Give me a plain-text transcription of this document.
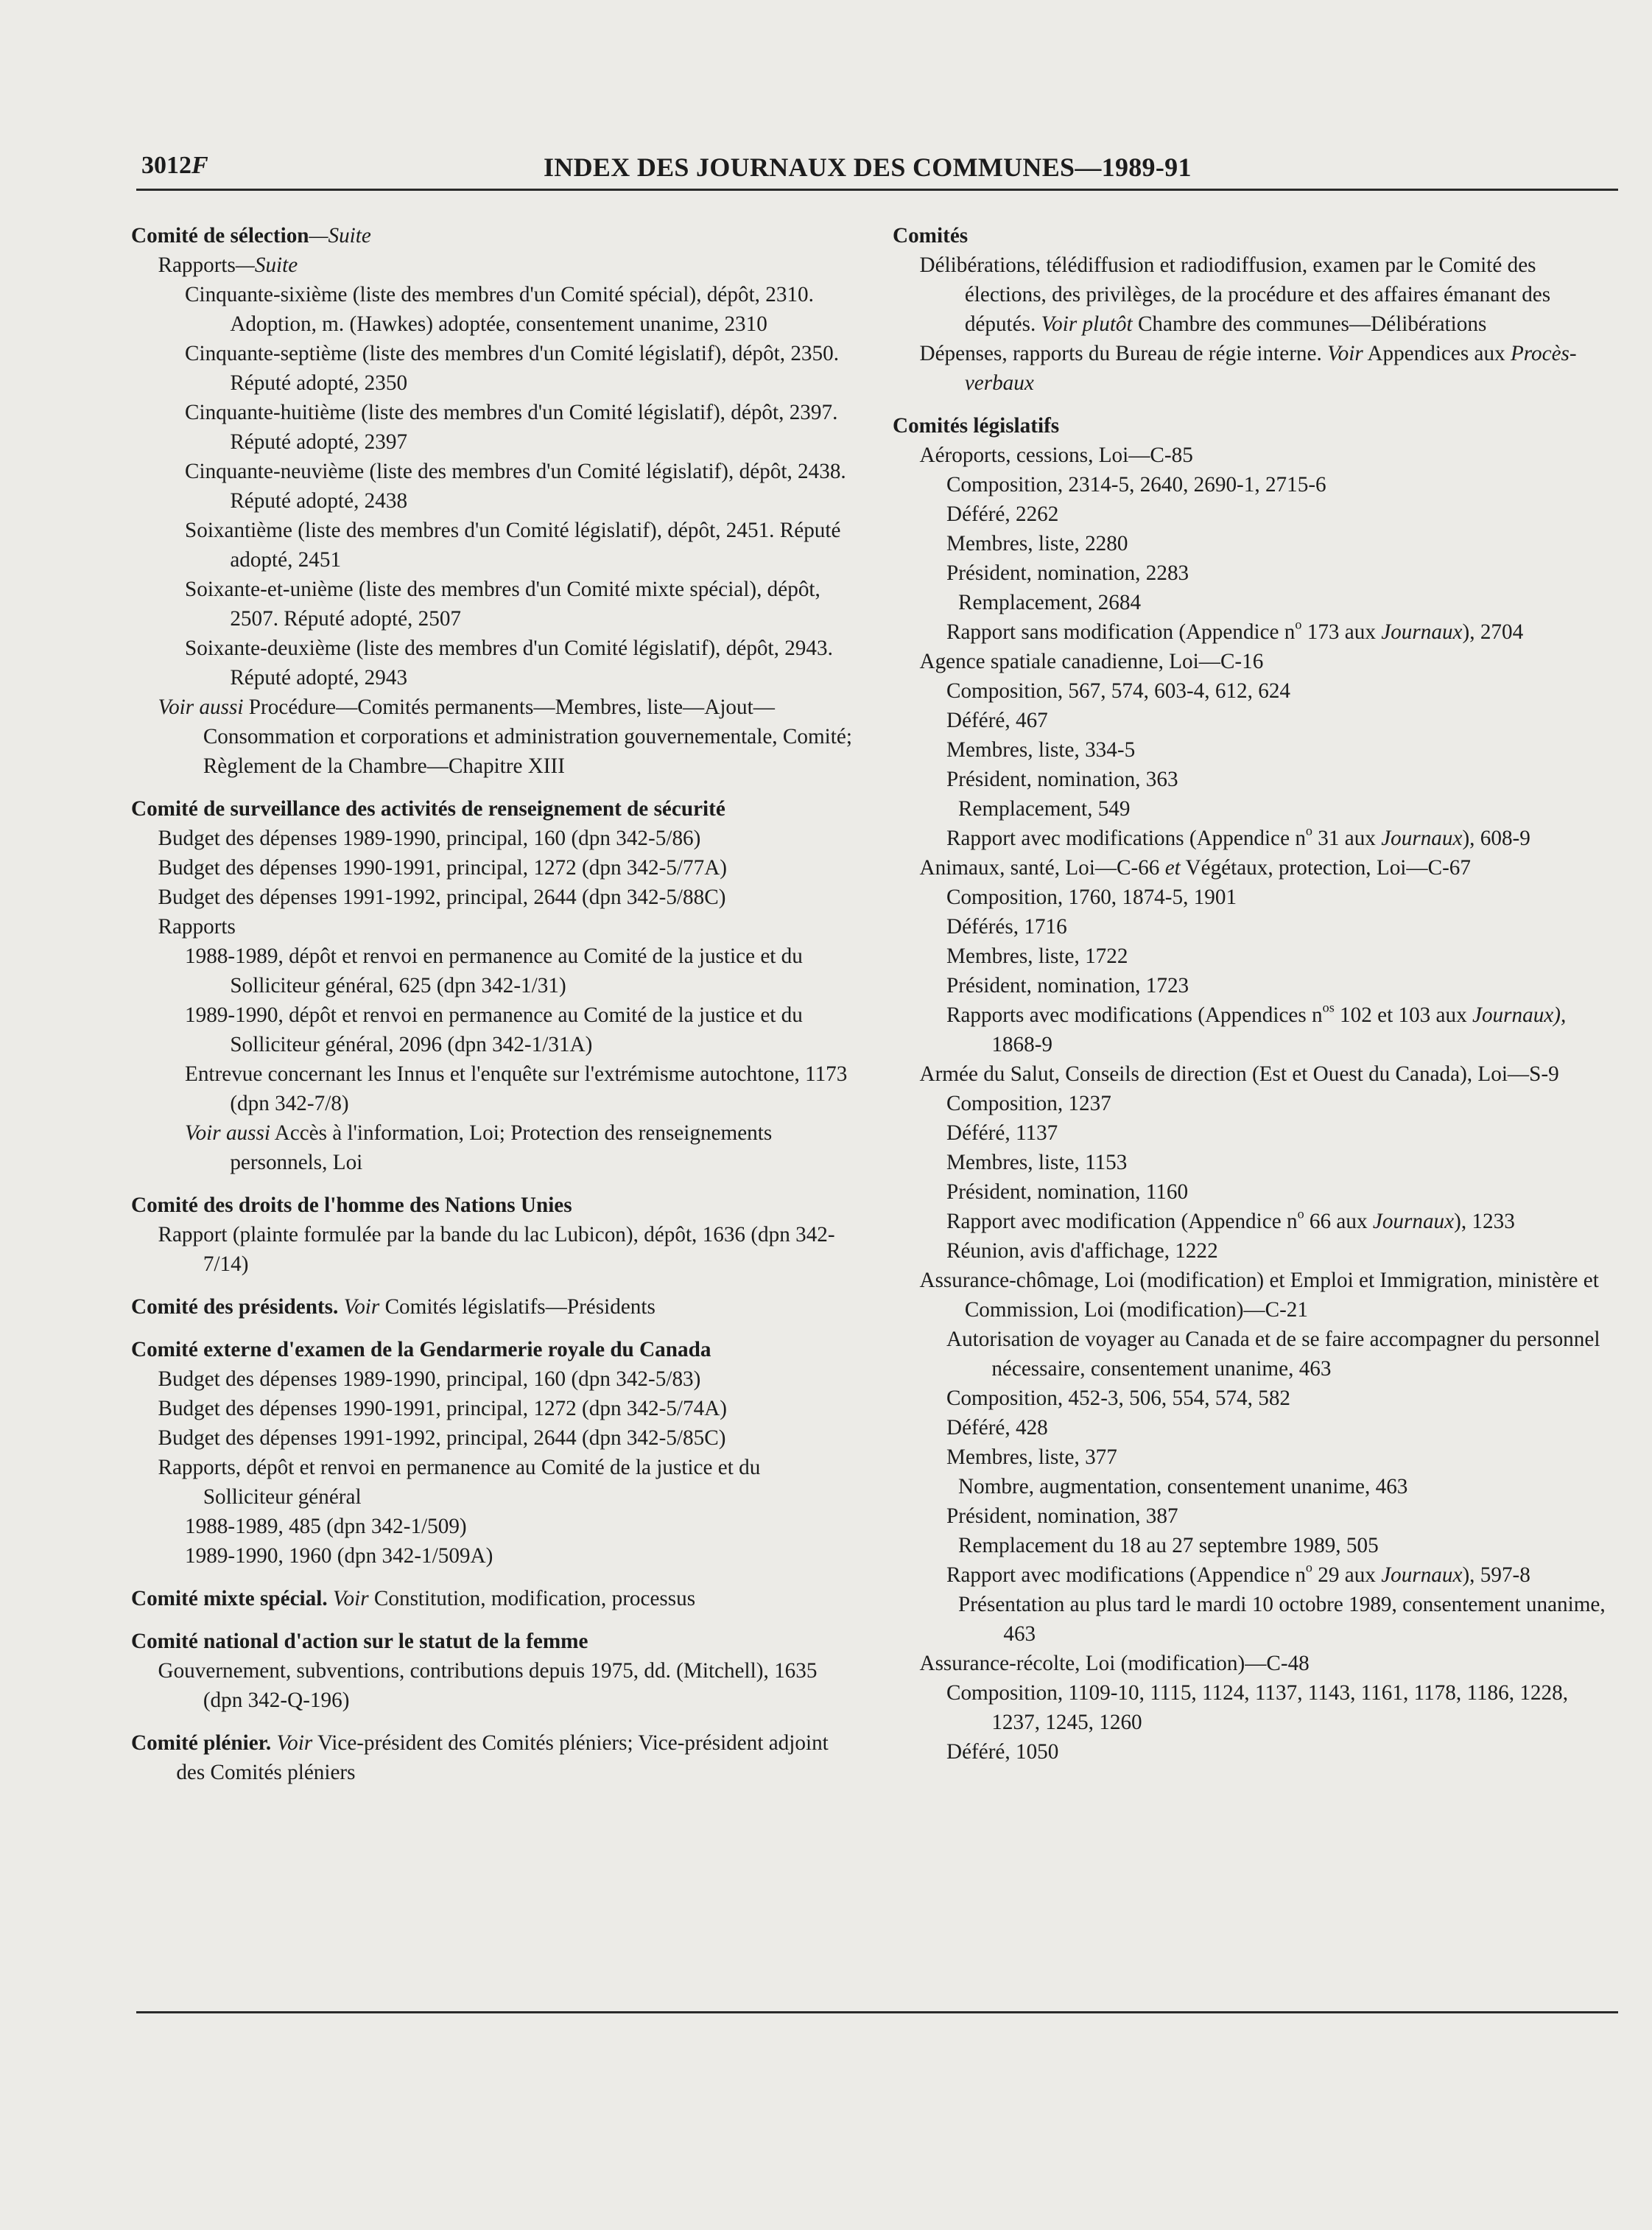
3012F	INDEX DES JOURNAUX DES COMMUNES—1989-91
Comité de sélection—Suite
Rapports—Suite
Cinquante-sixième (liste des membres d'un Comité spécial), dépôt, 2310. Adoption, m. (Hawkes) adoptée, consentement unanime, 2310
Cinquante-septième (liste des membres d'un Comité législatif), dépôt, 2350. Réputé adopté, 2350
Cinquante-huitième (liste des membres d'un Comité législatif), dépôt, 2397. Réputé adopté, 2397
Cinquante-neuvième (liste des membres d'un Comité législatif), dépôt, 2438. Réputé adopté, 2438
Soixantième (liste des membres d'un Comité législatif), dépôt, 2451. Réputé adopté, 2451
Soixante-et-unième (liste des membres d'un Comité mixte spécial), dépôt, 2507. Réputé adopté, 2507
Soixante-deuxième (liste des membres d'un Comité législatif), dépôt, 2943. Réputé adopté, 2943
Voir aussi Procédure—Comités permanents—Membres, liste—Ajout—Consommation et corporations et administration gouvernementale, Comité; Règlement de la Chambre—Chapitre XIII
Comité de surveillance des activités de renseignement de sécurité
Budget des dépenses 1989-1990, principal, 160 (dpn 342-5/86)
Budget des dépenses 1990-1991, principal, 1272 (dpn 342-5/77A)
Budget des dépenses 1991-1992, principal, 2644 (dpn 342-5/88C)
Rapports
1988-1989, dépôt et renvoi en permanence au Comité de la justice et du Solliciteur général, 625 (dpn 342-1/31)
1989-1990, dépôt et renvoi en permanence au Comité de la justice et du Solliciteur général, 2096 (dpn 342-1/31A)
Entrevue concernant les Innus et l'enquête sur l'extrémisme autochtone, 1173 (dpn 342-7/8)
Voir aussi Accès à l'information, Loi; Protection des renseignements personnels, Loi
Comité des droits de l'homme des Nations Unies
Rapport (plainte formulée par la bande du lac Lubicon), dépôt, 1636 (dpn 342-7/14)
Comité des présidents. Voir Comités législatifs—Présidents
Comité externe d'examen de la Gendarmerie royale du Canada
Budget des dépenses 1989-1990, principal, 160 (dpn 342-5/83)
Budget des dépenses 1990-1991, principal, 1272 (dpn 342-5/74A)
Budget des dépenses 1991-1992, principal, 2644 (dpn 342-5/85C)
Rapports, dépôt et renvoi en permanence au Comité de la justice et du Solliciteur général
1988-1989, 485 (dpn 342-1/509)
1989-1990, 1960 (dpn 342-1/509A)
Comité mixte spécial. Voir Constitution, modification, processus
Comité national d'action sur le statut de la femme
Gouvernement, subventions, contributions depuis 1975, dd. (Mitchell), 1635 (dpn 342-Q-196)
Comité plénier. Voir Vice-président des Comités pléniers; Vice-président adjoint des Comités pléniers
Comités
Délibérations, télédiffusion et radiodiffusion, examen par le Comité des élections, des privilèges, de la procédure et des affaires émanant des députés. Voir plutôt Chambre des communes—Délibérations
Dépenses, rapports du Bureau de régie interne. Voir Appendices aux Procès-verbaux
Comités législatifs
Aéroports, cessions, Loi—C-85
Composition, 2314-5, 2640, 2690-1, 2715-6
Déféré, 2262
Membres, liste, 2280
Président, nomination, 2283
Remplacement, 2684
Rapport sans modification (Appendice $n^o$ 173 aux Journaux), 2704
Agence spatiale canadienne, Loi—C-16
Composition, 567, 574, 603-4, 612, 624
Déféré, 467
Membres, liste, 334-5
Président, nomination, 363
Remplacement, 549
Rapport avec modifications (Appendice $n^o$ 31 aux Journaux), 608-9
Animaux, santé, Loi—C-66 et Végétaux, protection, Loi—C-67
Composition, 1760, 1874-5, 1901
Déférés, 1716
Membres, liste, 1722
Président, nomination, 1723
Rapports avec modifications (Appendices $n^{os}$ 102 et 103 aux Journaux), 1868-9
Armée du Salut, Conseils de direction (Est et Ouest du Canada), Loi—S-9
Composition, 1237
Déféré, 1137
Membres, liste, 1153
Président, nomination, 1160
Rapport avec modification (Appendice $n^o$ 66 aux Journaux), 1233
Réunion, avis d'affichage, 1222
Assurance-chômage, Loi (modification) et Emploi et Immigration, ministère et Commission, Loi (modification)—C-21
Autorisation de voyager au Canada et de se faire accompagner du personnel nécessaire, consentement unanime, 463
Composition, 452-3, 506, 554, 574, 582
Déféré, 428
Membres, liste, 377
Nombre, augmentation, consentement unanime, 463
Président, nomination, 387
Remplacement du 18 au 27 septembre 1989, 505
Rapport avec modifications (Appendice $n^o$ 29 aux Journaux), 597-8
Présentation au plus tard le mardi 10 octobre 1989, consentement unanime, 463
Assurance-récolte, Loi (modification)—C-48
Composition, 1109-10, 1115, 1124, 1137, 1143, 1161, 1178, 1186, 1228, 1237, 1245, 1260
Déféré, 1050
